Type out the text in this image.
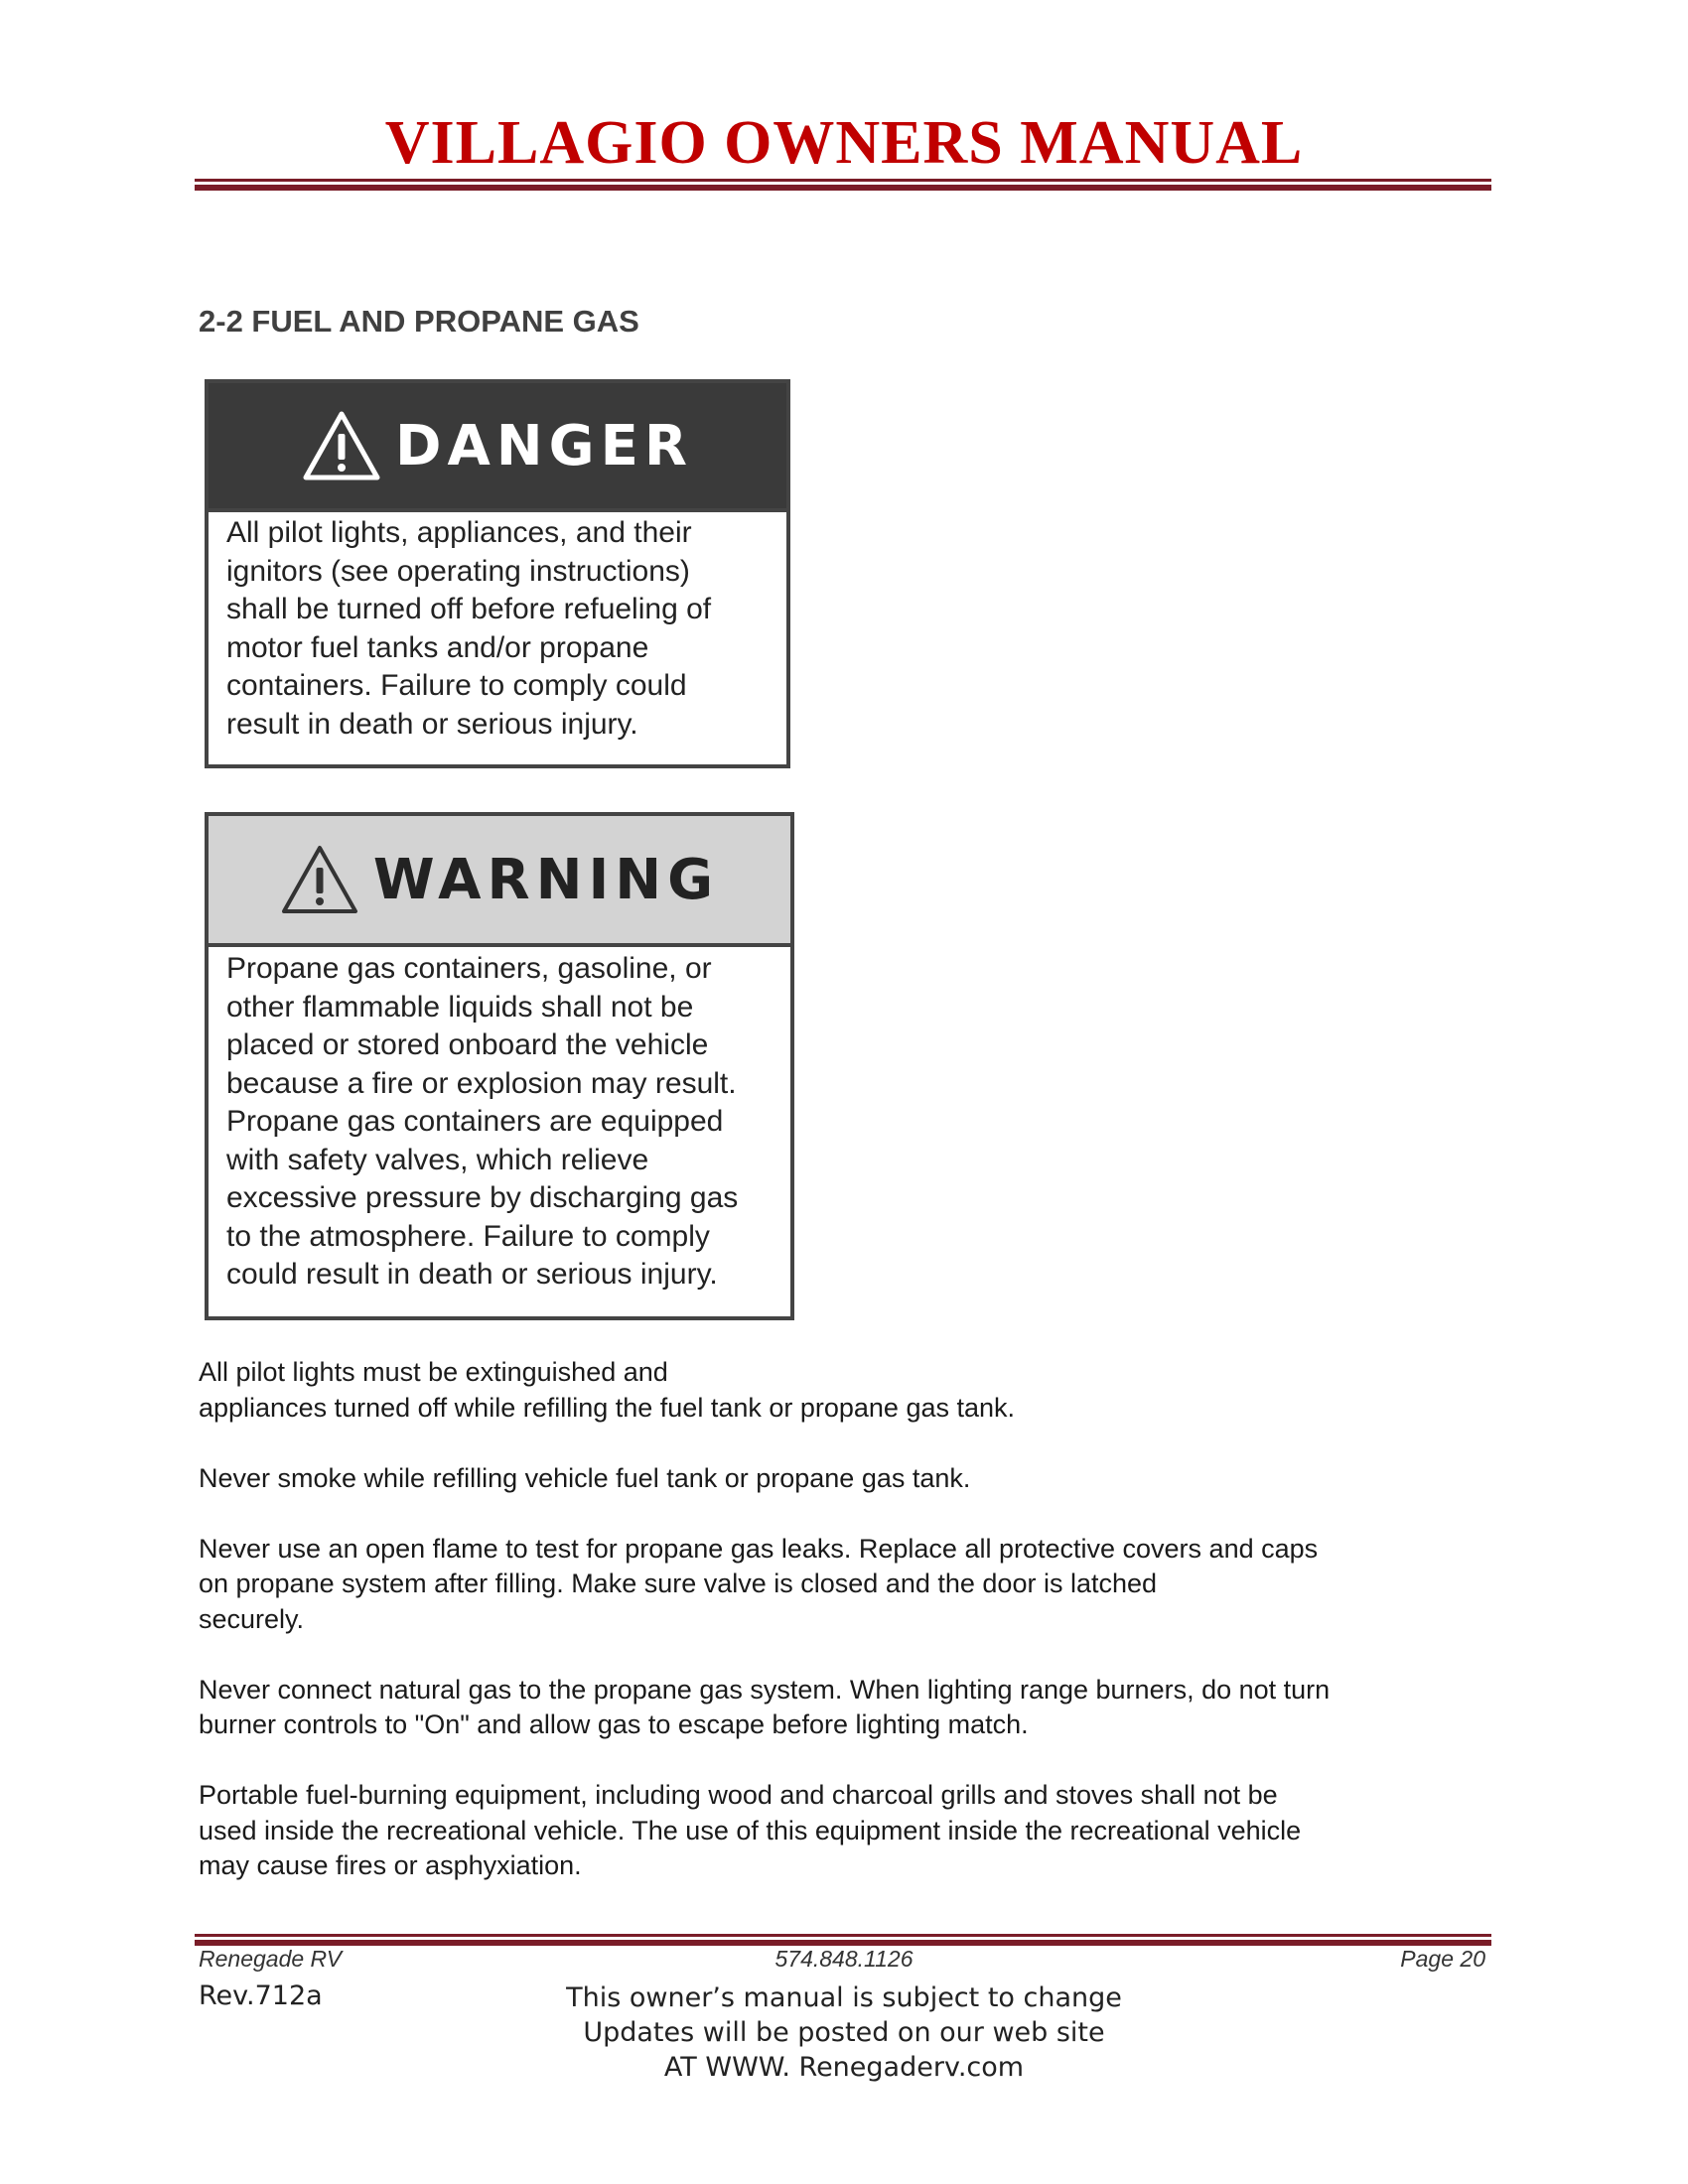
VILLAGIO OWNERS MANUAL
2-2 FUEL AND PROPANE GAS
DANGER
All pilot lights, appliances, and their
ignitors (see operating instructions)
shall be turned off before refueling of
motor fuel tanks and/or propane
containers. Failure to comply could
result in death or serious injury.
WARNING
Propane gas containers, gasoline, or
other flammable liquids shall not be
placed or stored onboard the vehicle
because a fire or explosion may result.
Propane gas containers are equipped
with safety valves, which relieve
excessive pressure by discharging gas
to the atmosphere. Failure to comply
could result in death or serious injury.

All pilot lights must be extinguished and
appliances turned off while refilling the fuel tank or propane gas tank.

Never smoke while refilling vehicle fuel tank or propane gas tank.

Never use an open flame to test for propane gas leaks. Replace all protective covers and caps
on propane system after filling. Make sure valve is closed and the door is latched
securely.

Never connect natural gas to the propane gas system. When lighting range burners, do not turn
burner controls to "On" and allow gas to escape before lighting match.

Portable fuel-burning equipment, including wood and charcoal grills and stoves shall not be
used inside the recreational vehicle. The use of this equipment inside the recreational vehicle
may cause fires or asphyxiation.

Renegade RV	574.848.1126	Page 20
Rev.712a	This owner’s manual is subject to change
Updates will be posted on our web site
AT WWW. Renegaderv.com
